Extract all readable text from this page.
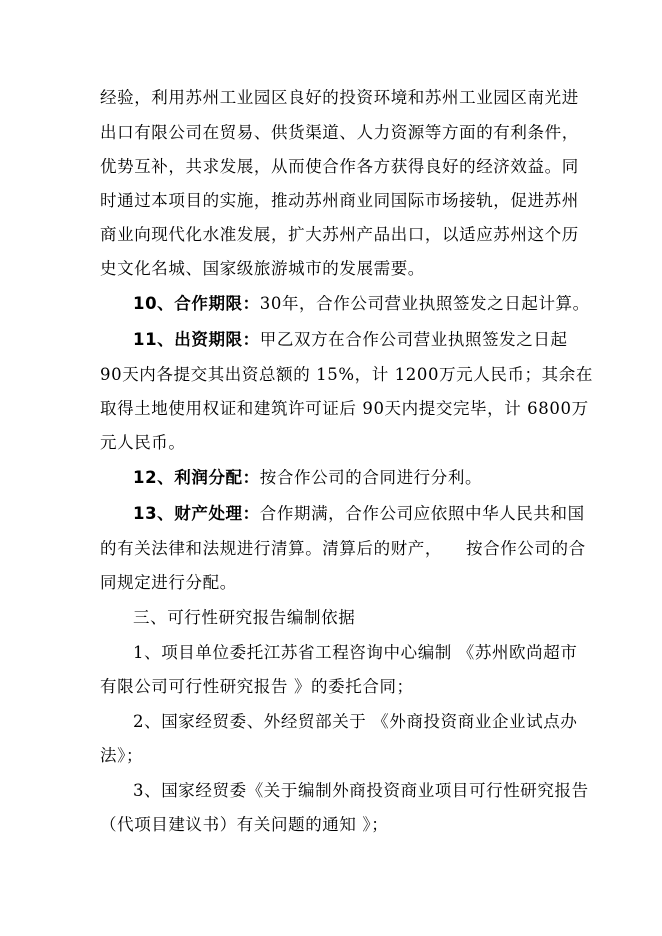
经验，利用苏州工业园区良好的投资环境和苏州工业园区南光进
出口有限公司在贸易、供货渠道、人力资源等方面的有利条件，
优势互补，共求发展，从而使合作各方获得良好的经济效益。同
时通过本项目的实施，推动苏州商业同国际市场接轨，促进苏州
商业向现代化水准发展，扩大苏州产品出口，以适应苏州这个历
史文化名城、国家级旅游城市的发展需要。
10、合作期限：30年，合作公司营业执照签发之日起计算。
11、出资期限：甲乙双方在合作公司营业执照签发之日起
90天内各提交其出资总额的 15%，计 1200万元人民币；其余在
取得土地使用权证和建筑许可证后 90天内提交完毕，计 6800万
元人民币。
12、利润分配：按合作公司的合同进行分利。
13、财产处理：合作期满，合作公司应依照中华人民共和国
的有关法律和法规进行清算。清算后的财产， 按合作公司的合
同规定进行分配。
三、可行性研究报告编制依据
1、项目单位委托江苏省工程咨询中心编制 《苏州欧尚超市
有限公司可行性研究报告 》的委托合同；
2、国家经贸委、外经贸部关于 《外商投资商业企业试点办
法》；
3、国家经贸委《关于编制外商投资商业项目可行性研究报告
（代项目建议书）有关问题的通知 》；
